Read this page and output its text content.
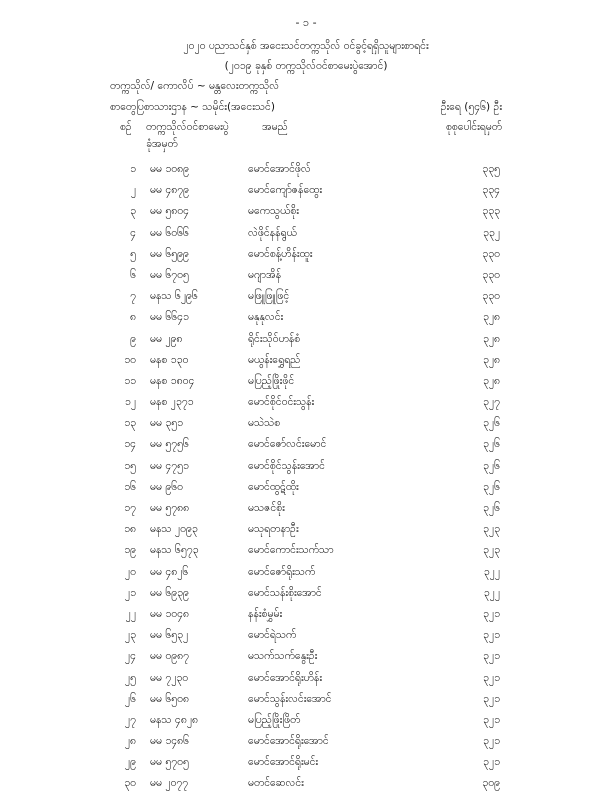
- ၁ -
၂၀၂၀ ပညာသင်နှစ် အငေးသင်တက္ကသိုလ် ဝင်ခွင့်ရရှိသူများစာရင်း
(၂၀၁၉ ခုနှစ် တက္ကသိုလ်ဝင်စာမေးပွဲအောင်)
တက္ကသိုလ်/ ကောလိပ် ~ မန္တလေးတက္ကသိုလ်
စာတွေပြစာသားဌာန ~ သမိုင်း(အငေးသင်)	ဦးရေ (၅၄၆) ဦး
စဉ် တက္ကသိုလ်ဝင်စာမေးပွဲ	အမည်	စုစုပေါင်းရမှတ်
ခုံအမှတ်
၁ မမ ၁၀၈၉	မောင်အောင်ဖိုလ်	၃၃၅
၂ မမ ၄၈၇၉	မောင်ကျော်ဇန်ထွေး	၃၃၄
၃ မမ ၅၈၀၄	မကေသွယ်စိုး	၃၃၃
၄ မမ ၆၀၆၆	လဲဖိုင်နန်ရွယ်	၃၃၂
၅ မမ ၆၅၉၉	မောင်စန့်ဟိန်းထူး	၃၃၀
၆ မမ ၆၇၀၅	မဂျာအိန်	၃၃၀
၇ မနသ ၆၂၉၆	မဖြူဖြူဖြင့်	၃၃၀
၈ မမ ၆၆၄၁	မနုနုလင်း	၃၂၈
၉ မမ ၂၉၈	ရိုင်းသိုဝ်ဟန်စံ	၃၂၈
၁၀ မနစ ၁၃၀	မယွန်းရွှေရည်	၃၂၈
၁၁ မနစ ၁၈၀၄	မပြည့်ဖြိုးဖိုင်	၃၂၈
၁၂ မနစ ၂၃၇၁	မောင်စိုင်ဝင်းသွန်း	၃၂၇
၁၃ မမ ၃၅၁	မသဲသဲစ	၃၂၆
၁၄ မမ ၅၇၅၆	မောင်ဇော်လင်းမောင်	၃၂၆
၁၅ မမ ၄၇၅၁	မောင်စိုင်သွန်းအောင်	၃၂၆
၁၆ မမ ၉၆၀	မောင်ထွဋ်ထိုး	၃၂၆
၁၇ မမ ၅၇၈၈	မသဇင်စိုး	၃၂၆
၁၈ မနသ ၂၀၉၃	မသုရတနာဦး	၃၂၃
၁၉ မနသ ၆၅၇၃	မောင်ကောင်းသက်သာ	၃၂၃
၂၀ မမ ၄၈၂၆	မောင်ဇော်ရိုးသက်	၃၂၂
၂၁ မမ ၆၉၃၉	မောင်သန်းစိုးအောင်	၃၂၂
၂၂ မမ ၁၀၄၈	နန်းစံမွှမ်း	၃၂၁
၂၃ မမ ၆၅၃၂	မောင်ရဲသက်	၃၂၁
၂၄ မမ ၀၉၈၇	မသက်သက်နွေးဦး	၃၂၁
၂၅ မမ ၇၂၃၀	မောင်အောင်ရိုးဟိန်း	၃၂၁
၂၆ မမ ၆၅၀၈	မောင်သွန်းလင်းအောင်	၃၂၁
၂၇ မနသ ၄၈၂၈	မပြည့်ဖြိုးဖြိတ်	၃၂၁
၂၈ မမ ၁၄၈၆	မောင်အောင်ရိုးအောင်	၃၂၁
၂၉ မမ ၅၇၀၅	မောင်အောင်ရိုးမင်း	၃၂၁
၃၀ မမ ၂၀၇၇	မတင်ဆေလင်း	၃၀၉
